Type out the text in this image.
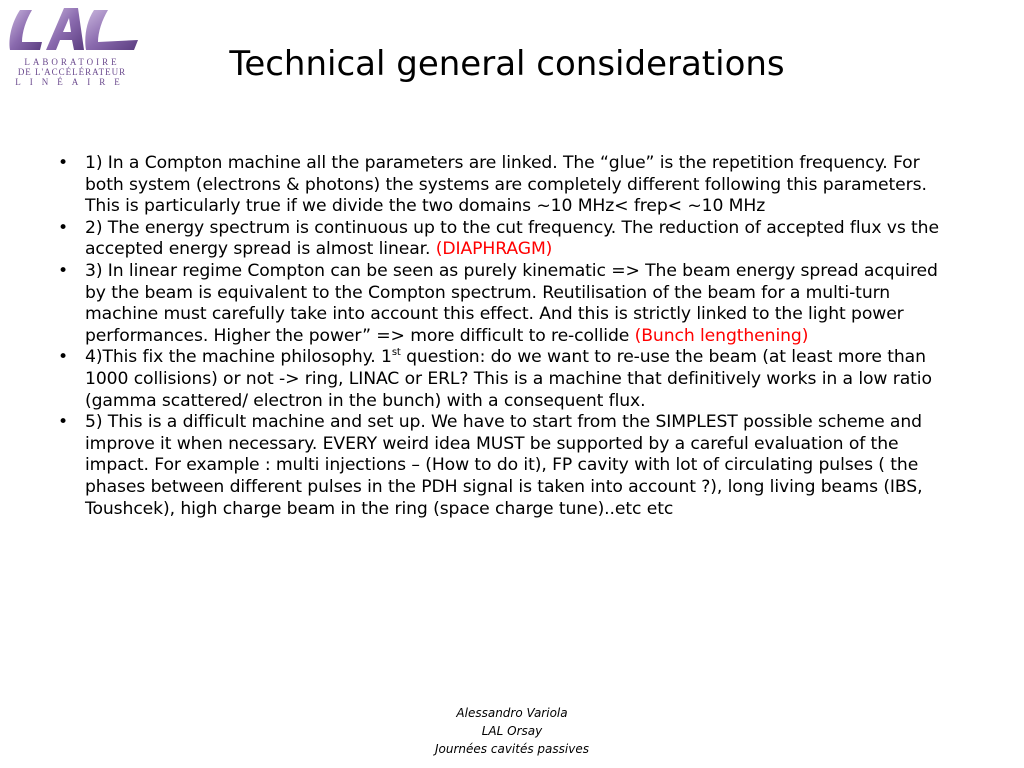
LABORATOIRE
DE L'ACCÉLÉRATEUR
LINÉAIRE	Technical general considerations
• 1) In a Compton machine all the parameters are linked. The “glue” is the repetition frequency. For both system (electrons & photons) the systems are completely different following this parameters. This is particularly true if we divide the two domains ~10 MHz< frep< ~10 MHz
• 2) The energy spectrum is continuous up to the cut frequency. The reduction of accepted flux vs the accepted energy spread is almost linear. (DIAPHRAGM)
• 3) In linear regime Compton can be seen as purely kinematic => The beam energy spread acquired by the beam is equivalent to the Compton spectrum. Reutilisation of the beam for a multi-turn machine must carefully take into account this effect. And this is strictly linked to the light power performances. Higher the power” => more difficult to re-collide (Bunch lengthening)
• 4)This fix the machine philosophy. 1st question: do we want to re-use the beam (at least more than 1000 collisions) or not -> ring, LINAC or ERL? This is a machine that definitively works in a low ratio (gamma scattered/ electron in the bunch) with a consequent flux.
• 5) This is a difficult machine and set up. We have to start from the SIMPLEST possible scheme and improve it when necessary. EVERY weird idea MUST be supported by a careful evaluation of the impact. For example : multi injections – (How to do it), FP cavity with lot of circulating pulses ( the phases between different pulses in the PDH signal is taken into account ?), long living beams (IBS, Toushcek), high charge beam in the ring (space charge tune)..etc etc
Alessandro Variola
LAL Orsay
Journées cavités passives
